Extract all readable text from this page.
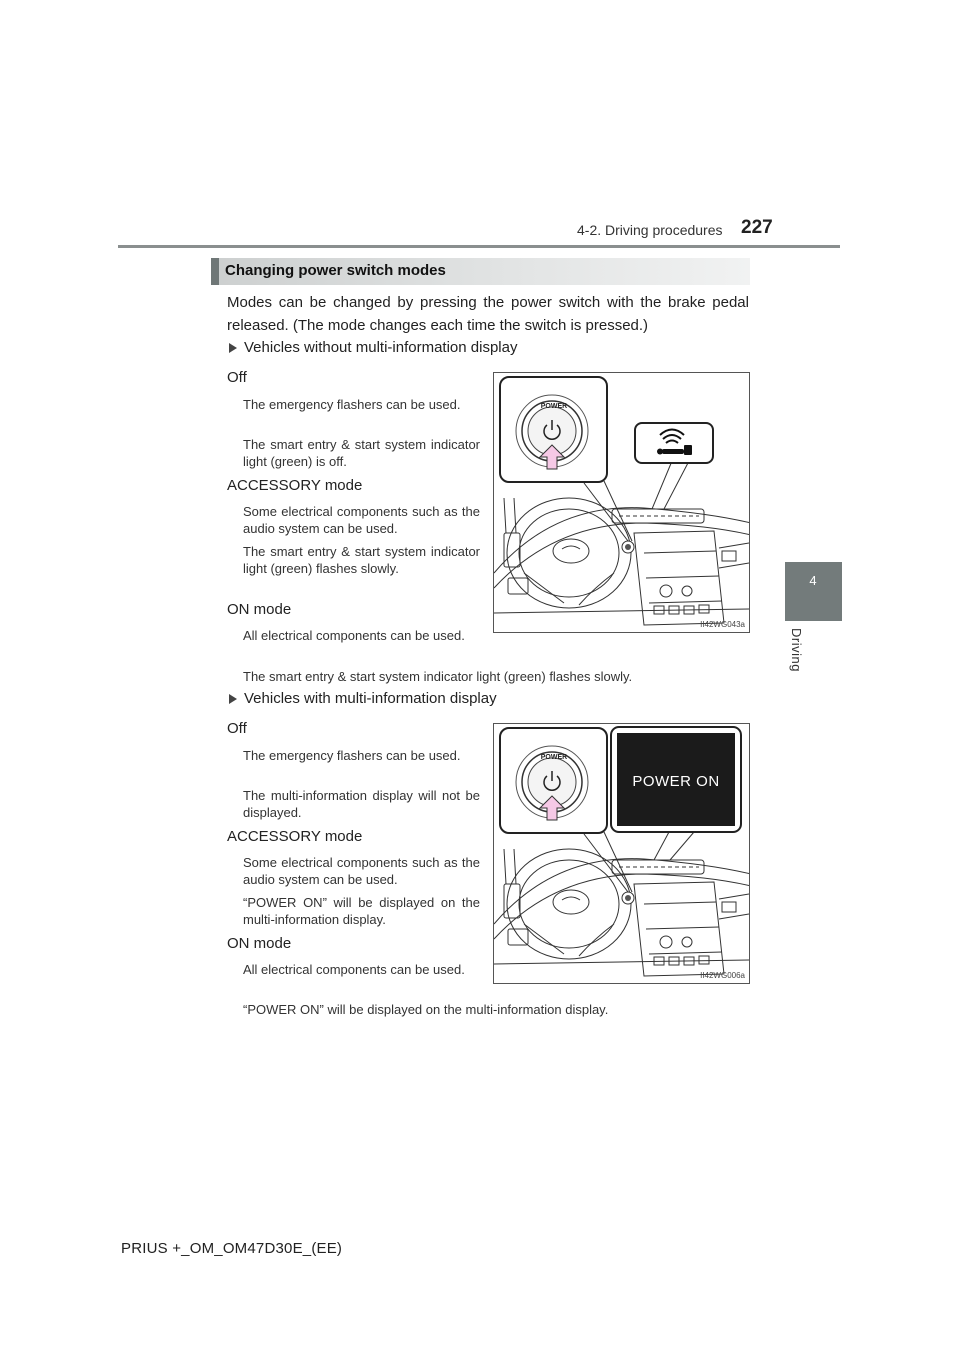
4-2. Driving procedures 227
4
Driving
Changing power switch modes

Modes can be changed by pressing the power switch with the brake pedal released. (The mode changes each time the switch is pressed.)

Vehicles without multi-information display
Off

The emergency flashers can be used.

The smart entry & start system indicator light (green) is off.

ACCESSORY mode

Some electrical components such as the audio system can be used.

The smart entry & start system indicator light (green) flashes slowly.

ON mode

All electrical components can be used.

The smart entry & start system indicator light (green) flashes slowly.

POWER
II42WG043a
Vehicles with multi-information display
Off

The emergency flashers can be used.

The multi-information display will not be displayed.

ACCESSORY mode

Some electrical components such as the audio system can be used.

“POWER ON” will be displayed on the multi-information display.

ON mode

All electrical components can be used.

“POWER ON” will be displayed on the multi-information display.

POWER ON
POWER
II42WG006a
PRIUS +_OM_OM47D30E_(EE)
